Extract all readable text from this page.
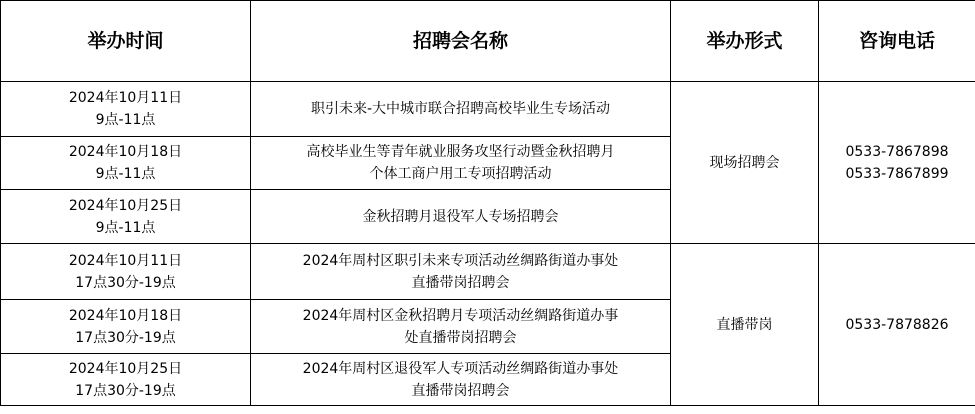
举办时间	招聘会名称	举办形式	咨询电话

2024年10月11日
9点-11点	职引未来-大中城市联合招聘高校毕业生专场活动	现场招聘会	0533-7867898
0533-7867899

2024年10月18日
9点-11点	高校毕业生等青年就业服务攻坚行动暨金秋招聘月
个体工商户用工专项招聘活动		

2024年10月25日
9点-11点	金秋招聘月退役军人专场招聘会		

2024年10月11日
17点30分-19点	2024年周村区职引未来专项活动丝绸路街道办事处
直播带岗招聘会	直播带岗	0533-7878826

2024年10月18日
17点30分-19点	2024年周村区金秋招聘月专项活动丝绸路街道办事
处直播带岗招聘会		

2024年10月25日
17点30分-19点	2024年周村区退役军人专项活动丝绸路街道办事处
直播带岗招聘会		
